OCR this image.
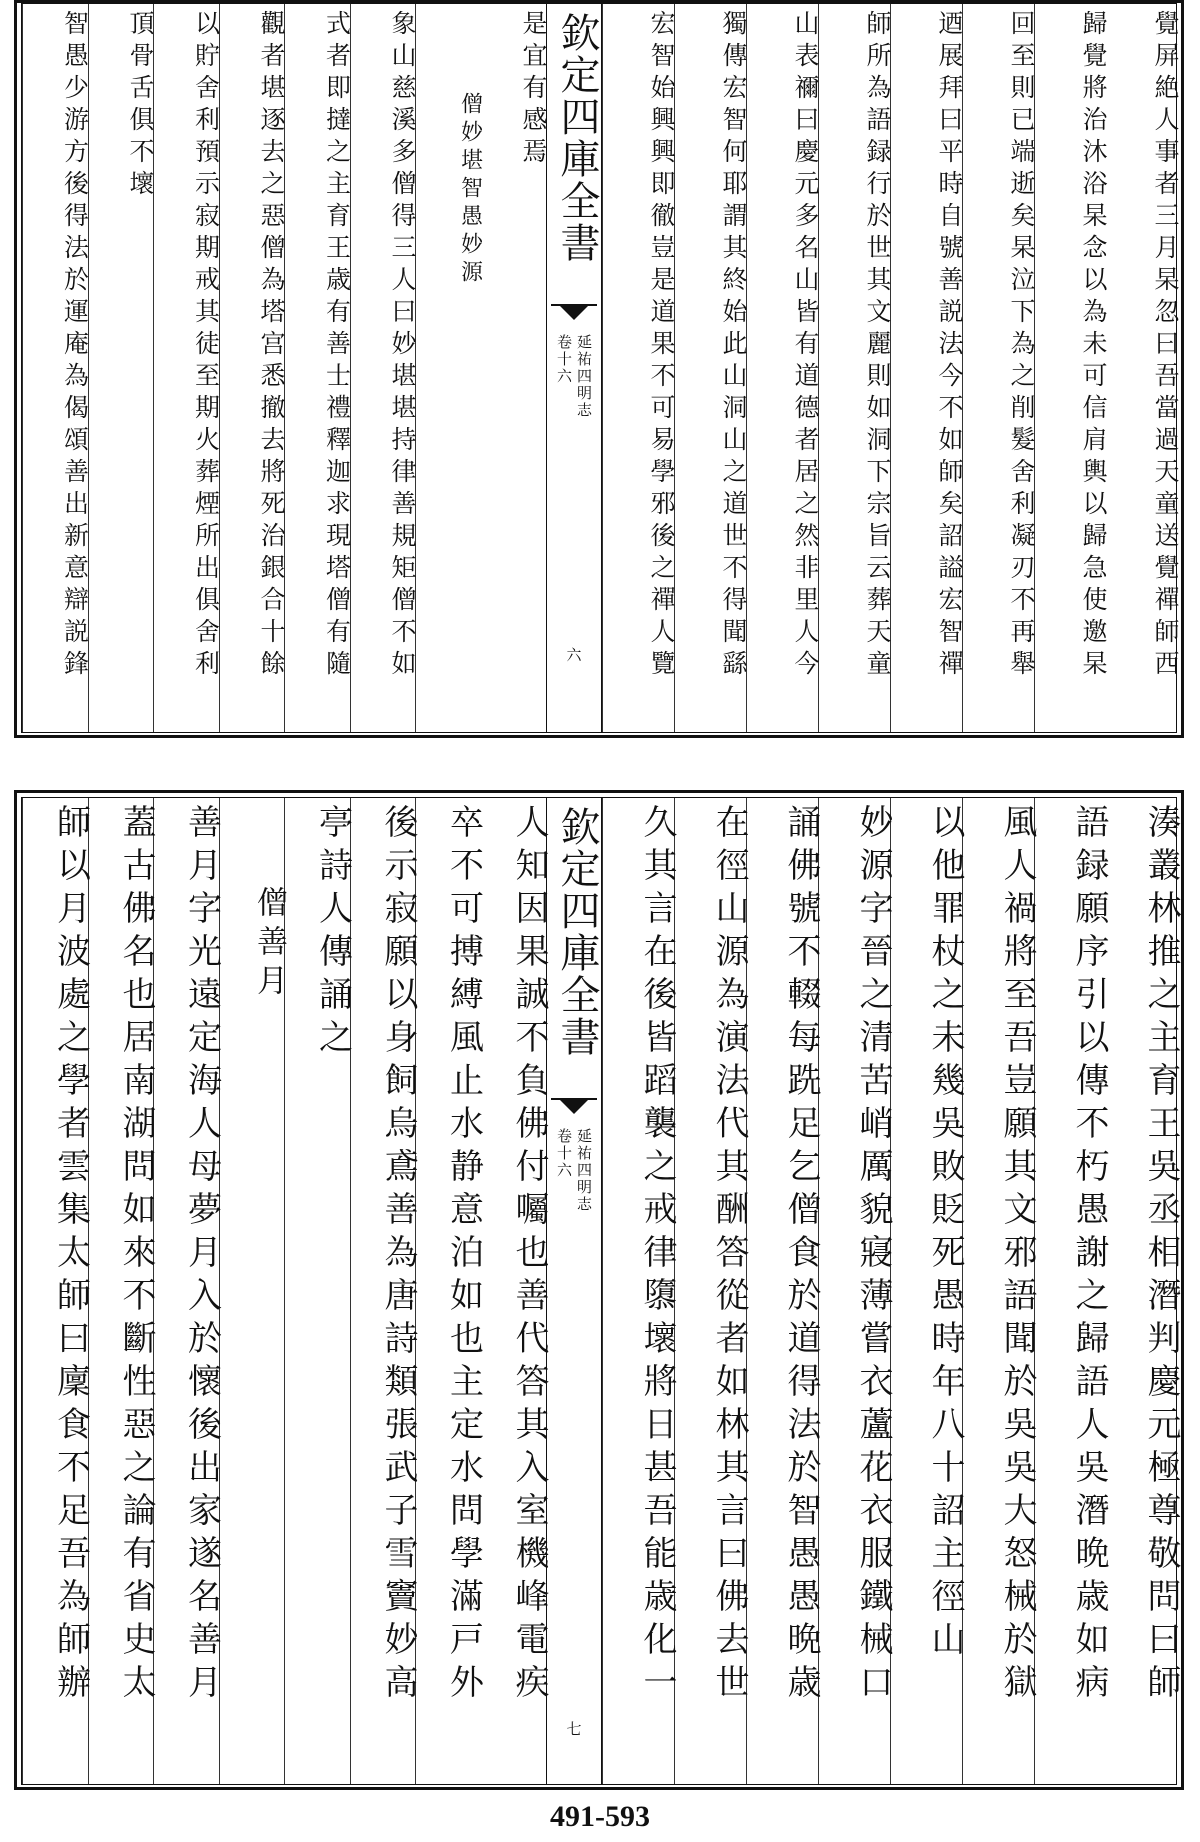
覺屏絶人事者三月杲忽曰吾當過天童送覺禪師西
歸覺將治沐浴杲念以為未可信肩輿以歸急使邀杲
回至則已端逝矣杲泣下為之削髮舍利凝刃不再舉
迺展拜曰平時自號善説法今不如師矣詔謚宏智禪
師所為語録行於世其文麗則如洞下宗旨云葬天童
山表禰曰慶元多名山皆有道德者居之然非里人今
獨傳宏智何耶謂其終始此山洞山之道世不得聞繇
宏智始興興即徹豈是道果不可易學邪後之禪人覽
欽定四庫全書
延祐四明志
卷十六
六
是宜有感焉
僧妙堪智愚妙源
象山慈溪多僧得三人曰妙堪堪持律善規矩僧不如
式者即撻之主育王歳有善士禮釋迦求現塔僧有隨
觀者堪逐去之惡僧為塔宫悉撤去將死治銀合十餘
以貯舍利預示寂期戒其徒至期火葬煙所出俱舍利
頂骨舌俱不壞
智愚少游方後得法於運庵為偈頌善出新意辯説鋒
湊叢林推之主育王吳丞相潛判慶元極尊敬問曰師
語録願序引以傳不朽愚謝之歸語人吳潛晩歳如病
風人禍將至吾豈願其文邪語聞於吳吳大怒械於獄
以他罪杖之未幾吳敗貶死愚時年八十詔主徑山
妙源字晉之清苦峭厲貌寢薄嘗衣蘆花衣服鐵械口
誦佛號不輟每跣足乞僧食於道得法於智愚愚晩歳
在徑山源為演法代其酬答從者如林其言曰佛去世
久其言在後皆蹈襲之戒律隳壞將日甚吾能歳化一
欽定四庫全書
延祐四明志
卷十六
七
人知因果誠不負佛付囑也善代答其入室機峰電疾
卒不可搏縛風止水静意泊如也主定水問學滿戸外
後示寂願以身飼烏鳶善為唐詩類張武子雪竇妙高
亭詩人傳誦之
僧善月
善月字光遠定海人母夢月入於懷後出家遂名善月
蓋古佛名也居南湖問如來不斷性惡之論有省史太
師以月波處之學者雲集太師曰廩食不足吾為師辦
491-593
